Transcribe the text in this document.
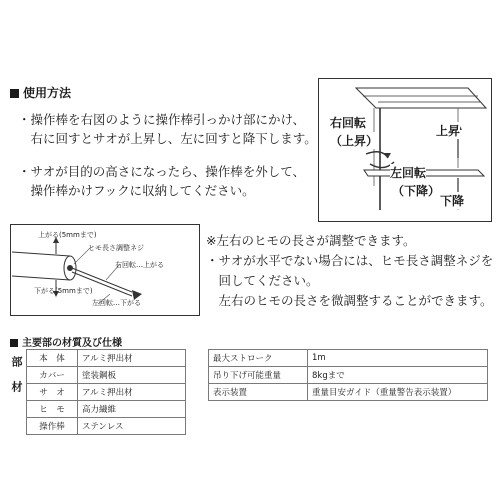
使用方法
・操作棒を右図のように操作棒引っかけ部にかけ、
　右に回すとサオが上昇し、左に回すと降下します。
・サオが目的の高さになったら、操作棒を外して、
　操作棒かけフックに収納してください。
右回転
（上昇）
上昇
左回転
（下降）
下降
上がる(5mmまで)
ヒモ長さ調整ネジ
右回転…上がる
下がる(5mmまで)
左回転…下がる
※左右のヒモの長さが調整できます。
・サオが水平でない場合には、ヒモ長さ調整ネジを
　回してください。
　左右のヒモの長さを微調整することができます。
主要部の材質及び仕様
部材 本　体	アルミ押出材
カバー	塗装鋼板
サ　オ	アルミ押出材
ヒ　モ	高力繊維
操作棒	ステンレス
最大ストローク	1m
吊り下げ可能重量	8kgまで
表示装置	重量目安ガイド（重量警告表示装置）
